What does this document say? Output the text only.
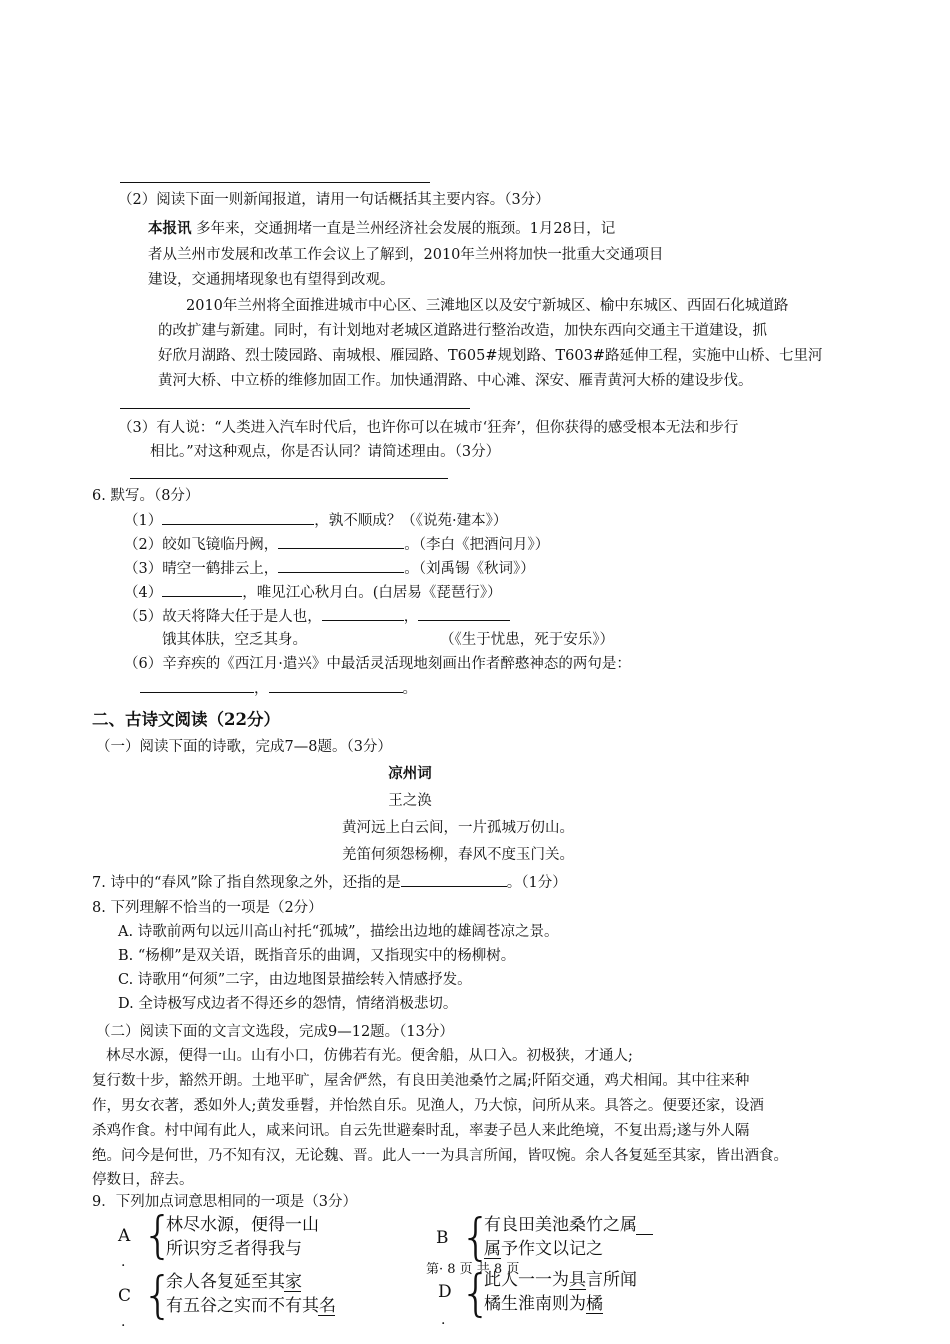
（2）阅读下面一则新闻报道，请用一句话概括其主要内容。（3分）
本报讯 多年来，交通拥堵一直是兰州经济社会发展的瓶颈。1月28日，记
者从兰州市发展和改革工作会议上了解到，2010年兰州将加快一批重大交通项目
建设，交通拥堵现象也有望得到改观。
2010年兰州将全面推进城市中心区、三滩地区以及安宁新城区、榆中东城区、西固石化城道路
的改扩建与新建。同时，有计划地对老城区道路进行整治改造，加快东西向交通主干道建设，抓
好欣月湖路、烈士陵园路、南城根、雁园路、T605#规划路、T603#路延伸工程，实施中山桥、七里河
黄河大桥、中立桥的维修加固工作。加快通渭路、中心滩、深安、雁青黄河大桥的建设步伐。
（3）有人说：“人类进入汽车时代后，也许你可以在城市‘狂奔’，但你获得的感受根本无法和步行
相比。”对这种观点，你是否认同？请简述理由。（3分）
6. 默写。（8分）
（1）	，孰不顺成？（《说苑·建本》）
（2）皎如飞镜临丹阙，	。（李白《把酒问月》）
（3）晴空一鹤排云上，	。（刘禹锡《秋词》）
（4）	，唯见江心秋月白。(白居易《琵琶行》）
（5）故天将降大任于是人也，	，
饿其体肤，空乏其身。	（《生于忧患，死于安乐》）
（6）辛弃疾的《西江月·遣兴》中最活灵活现地刻画出作者醉憨神态的两句是：
，	。
二、古诗文阅读（22分）
（一）阅读下面的诗歌，完成7—8题。（3分）
凉州词
王之涣
黄河远上白云间，一片孤城万仞山。
羌笛何须怨杨柳，春风不度玉门关。
7. 诗中的“春风”除了指自然现象之外，还指的是	。（1分）
8. 下列理解不恰当的一项是（2分）
A. 诗歌前两句以远川高山衬托“孤城”，描绘出边地的雄阔苍凉之景。
B. “杨柳”是双关语，既指音乐的曲调，又指现实中的杨柳树。
C. 诗歌用“何须”二字，由边地图景描绘转入情感抒发。
D. 全诗极写戍边者不得还乡的怨情，情绪消极悲切。
（二）阅读下面的文言文选段，完成9—12题。（13分）
林尽水源，便得一山。山有小口，仿佛若有光。便舍船，从口入。初极狭，才通人;
复行数十步，豁然开朗。土地平旷，屋舍俨然，有良田美池桑竹之属;阡陌交通，鸡犬相闻。其中往来种
作，男女衣著，悉如外人;黄发垂髫，并怡然自乐。见渔人，乃大惊，问所从来。具答之。便要还家，设酒
杀鸡作食。村中闻有此人，咸来问讯。自云先世避秦时乱，率妻子邑人来此绝境，不复出焉;遂与外人隔
绝。问今是何世，乃不知有汉，无论魏、晋。此人一一为具言所闻，皆叹惋。余人各复延至其家，皆出酒食。
停数日，辞去。
9．下列加点词意思相同的一项是（3分）
A
·
{
林尽水源，便得一山
所识穷乏者得我与
B {
有良田美池桑竹之属
属予作文以记之
C
·
{
余人各复延至其家
有五谷之实而不有其名
D
·
{
此人一一为具言所闻
橘生淮南则为橘
第· 8 页 共 8 页
